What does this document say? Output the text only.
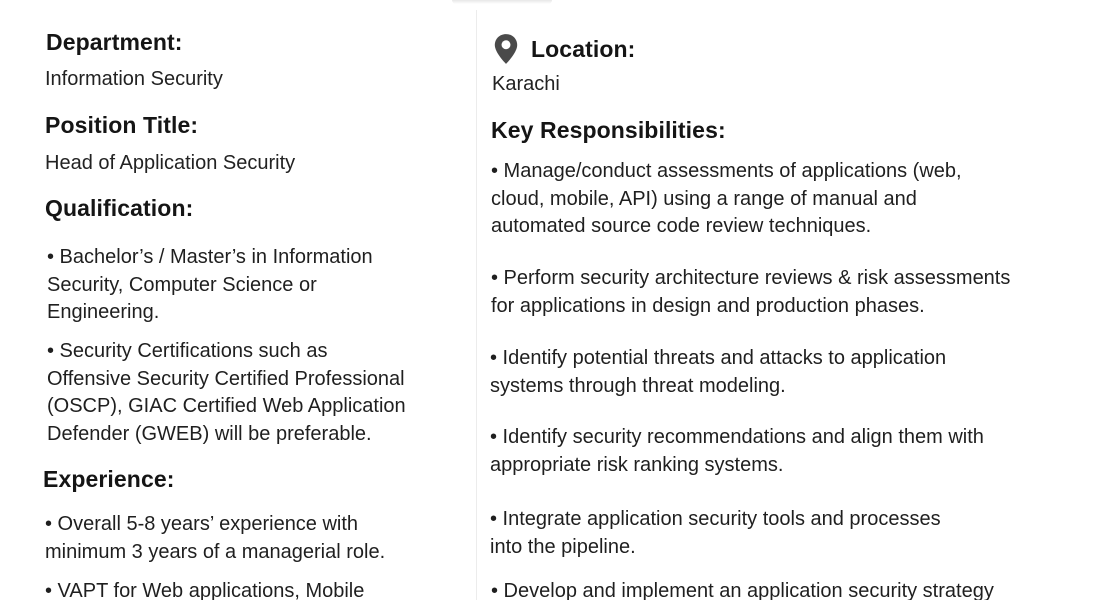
Department:

Information Security

Position Title:

Head of Application Security

Qualification:
• Bachelor’s / Master’s in Information
Security, Computer Science or
Engineering.
• Security Certifications such as
Offensive Security Certified Professional
(OSCP), GIAC Certified Web Application
Defender (GWEB) will be preferable.
Experience:
• Overall 5-8 years’ experience with
minimum 3 years of a managerial role.
• VAPT for Web applications, Mobile
Location:

Karachi

Key Responsibilities:
• Manage/conduct assessments of applications (web,
cloud, mobile, API) using a range of manual and
automated source code review techniques.
• Perform security architecture reviews & risk assessments
for applications in design and production phases.
• Identify potential threats and attacks to application
systems through threat modeling.
• Identify security recommendations and align them with
appropriate risk ranking systems.
• Integrate application security tools and processes
into the pipeline.
• Develop and implement an application security strategy
